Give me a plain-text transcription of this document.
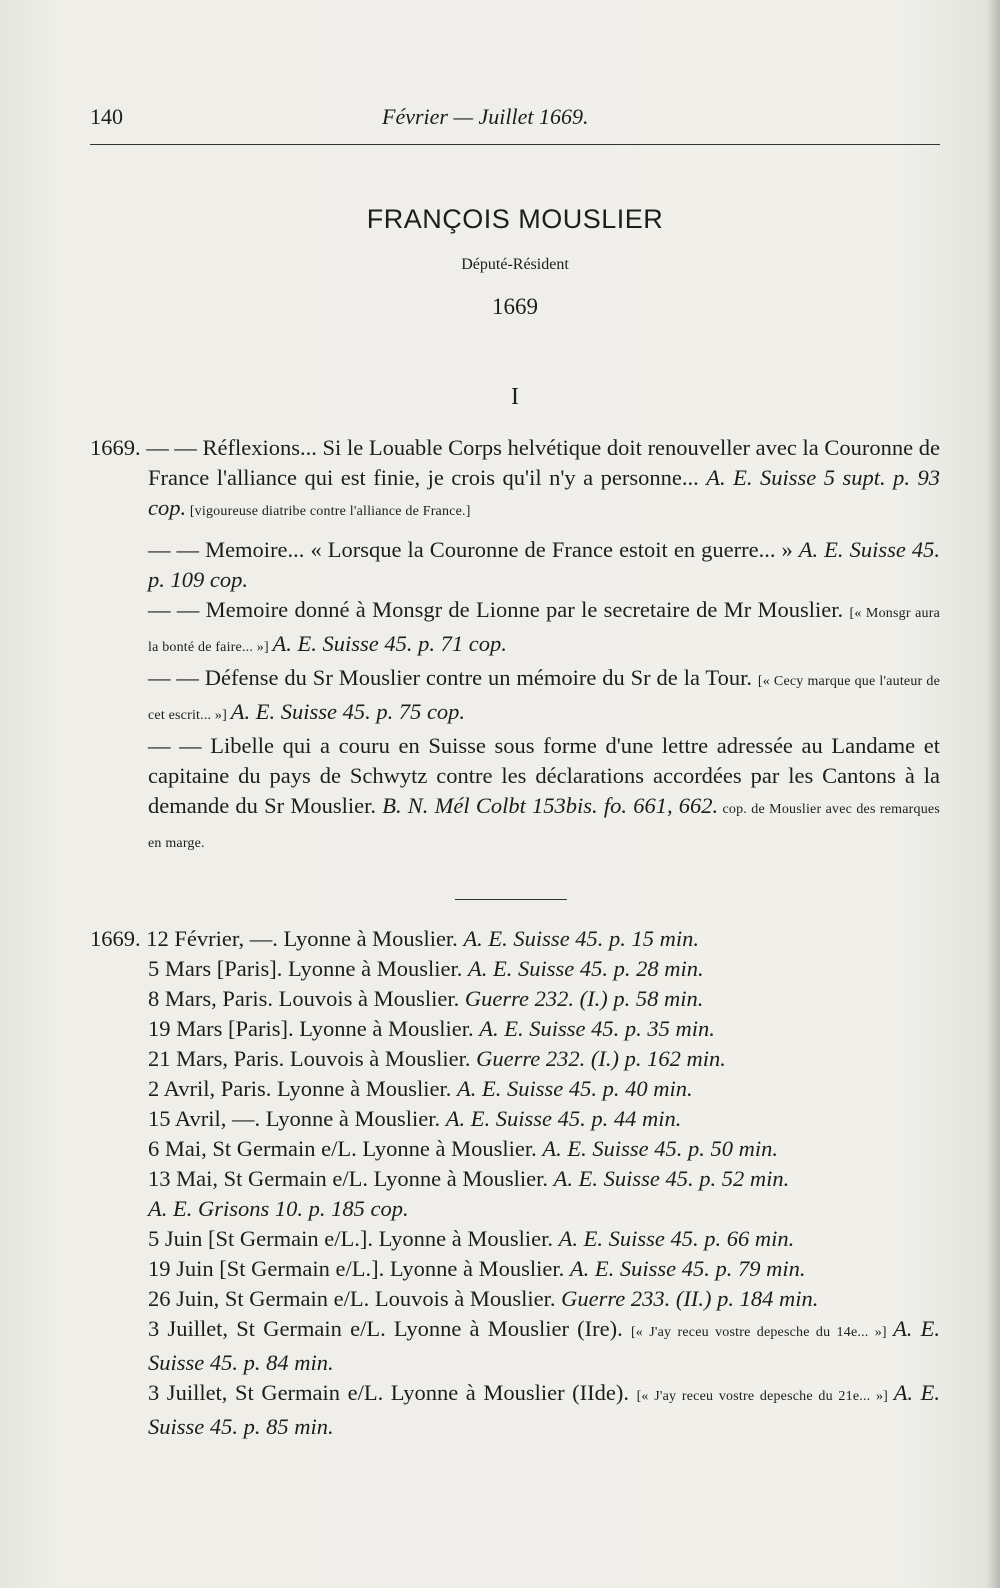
140	Février — Juillet 1669.
FRANÇOIS MOUSLIER
Député-Résident
1669
I

1669. — — Réflexions... Si le Louable Corps helvétique doit renouveller avec la Couronne de France l'alliance qui est finie, je crois qu'il n'y a personne... A. E. Suisse 5 supt. p. 93 cop. [vigoureuse diatribe contre l'alliance de France.]

— — Memoire... « Lorsque la Couronne de France estoit en guerre... » A. E. Suisse 45. p. 109 cop.

— — Memoire donné à Monsgr de Lionne par le secretaire de Mr Mouslier. [« Monsgr aura la bonté de faire... »] A. E. Suisse 45. p. 71 cop.

— — Défense du Sr Mouslier contre un mémoire du Sr de la Tour. [« Cecy marque que l'auteur de cet escrit... »] A. E. Suisse 45. p. 75 cop.

— — Libelle qui a couru en Suisse sous forme d'une lettre adressée au Landame et capitaine du pays de Schwytz contre les déclarations accordées par les Cantons à la demande du Sr Mouslier. B. N. Mél Colbt 153bis. fo. 661, 662. cop. de Mouslier avec des remarques en marge.

1669. 12 Février, —. Lyonne à Mouslier. A. E. Suisse 45. p. 15 min.

5 Mars [Paris]. Lyonne à Mouslier. A. E. Suisse 45. p. 28 min.

8 Mars, Paris. Louvois à Mouslier. Guerre 232. (I.) p. 58 min.

19 Mars [Paris]. Lyonne à Mouslier. A. E. Suisse 45. p. 35 min.

21 Mars, Paris. Louvois à Mouslier. Guerre 232. (I.) p. 162 min.

2 Avril, Paris. Lyonne à Mouslier. A. E. Suisse 45. p. 40 min.

15 Avril, —. Lyonne à Mouslier. A. E. Suisse 45. p. 44 min.

6 Mai, St Germain e/L. Lyonne à Mouslier. A. E. Suisse 45. p. 50 min.

13 Mai, St Germain e/L. Lyonne à Mouslier. A. E. Suisse 45. p. 52 min.
A. E. Grisons 10. p. 185 cop.

5 Juin [St Germain e/L.]. Lyonne à Mouslier. A. E. Suisse 45. p. 66 min.

19 Juin [St Germain e/L.]. Lyonne à Mouslier. A. E. Suisse 45. p. 79 min.

26 Juin, St Germain e/L. Louvois à Mouslier. Guerre 233. (II.) p. 184 min.

3 Juillet, St Germain e/L. Lyonne à Mouslier (Ire). [« J'ay receu vostre depesche du 14e... »] A. E. Suisse 45. p. 84 min.

3 Juillet, St Germain e/L. Lyonne à Mouslier (IIde). [« J'ay receu vostre depesche du 21e... »] A. E. Suisse 45. p. 85 min.
